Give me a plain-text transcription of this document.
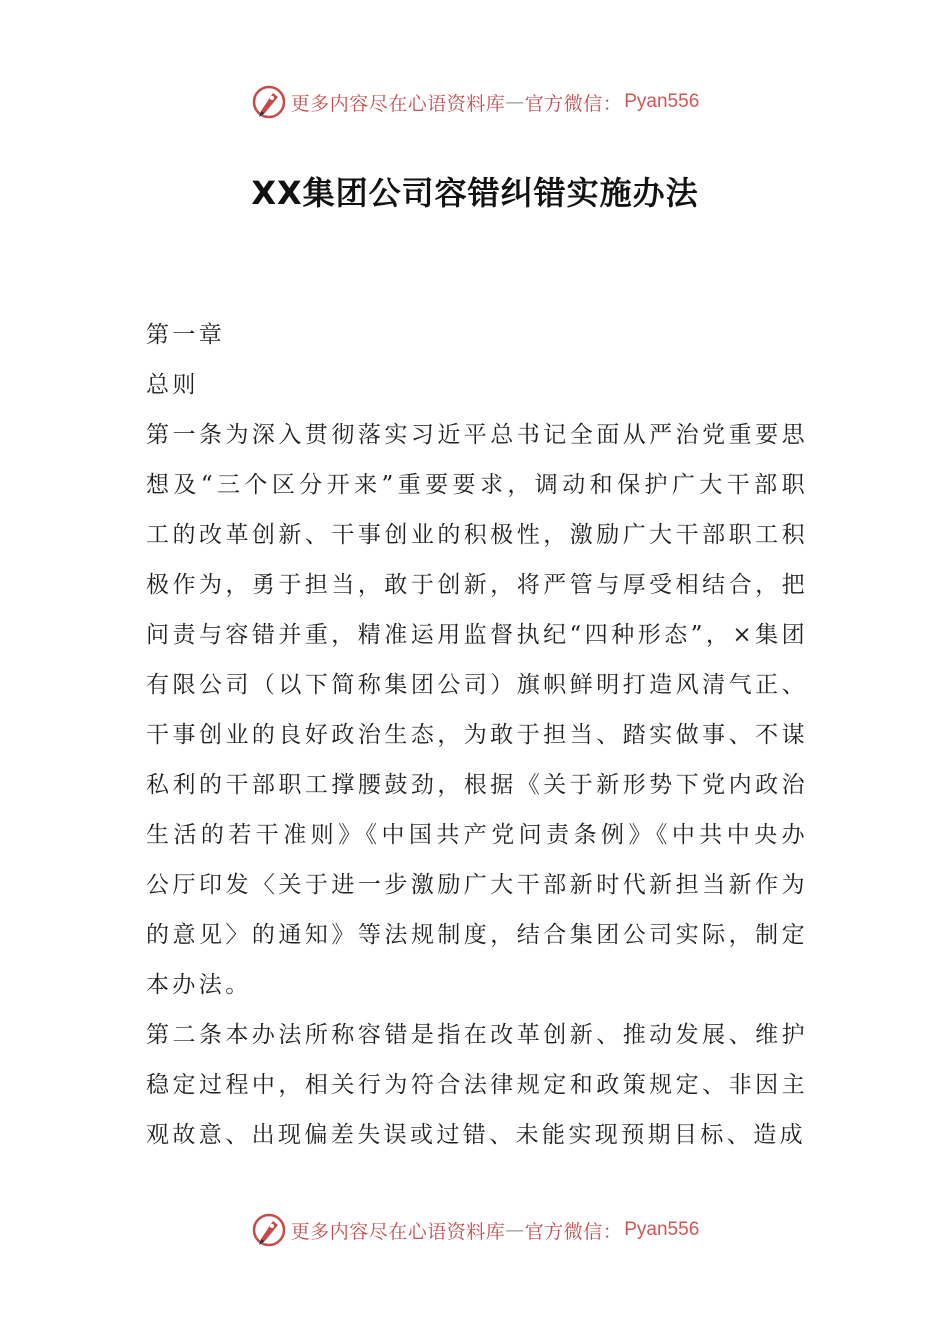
更多内容尽在心语资料库 — 官方微信： Pyan556
XX集团公司容错纠错实施办法

第一章

总则

第一条为深入贯彻落实习近平总书记全面从严治党重要思想及“三个区分开来”重要要求，调动和保护广大干部职工的改革创新、干事创业的积极性，激励广大干部职工积极作为，勇于担当，敢于创新，将严管与厚受相结合，把问责与容错并重，精准运用监督执纪“四种形态”，×集团有限公司（以下简称集团公司）旗帜鲜明打造风清气正、干事创业的良好政治生态，为敢于担当、踏实做事、不谋私利的干部职工撑腰鼓劲，根据《关于新形势下党内政治生活的若干准则》《中国共产党问责条例》《中共中央办公厅印发〈关于进一步激励广大干部新时代新担当新作为的意见〉的通知》等法规制度，结合集团公司实际，制定本办法。

第二条本办法所称容错是指在改革创新、推动发展、维护稳定过程中，相关行为符合法律规定和政策规定、非因主观故意、出现偏差失误或过错、未能实现预期目标、造成

更多内容尽在心语资料库 — 官方微信： Pyan556
